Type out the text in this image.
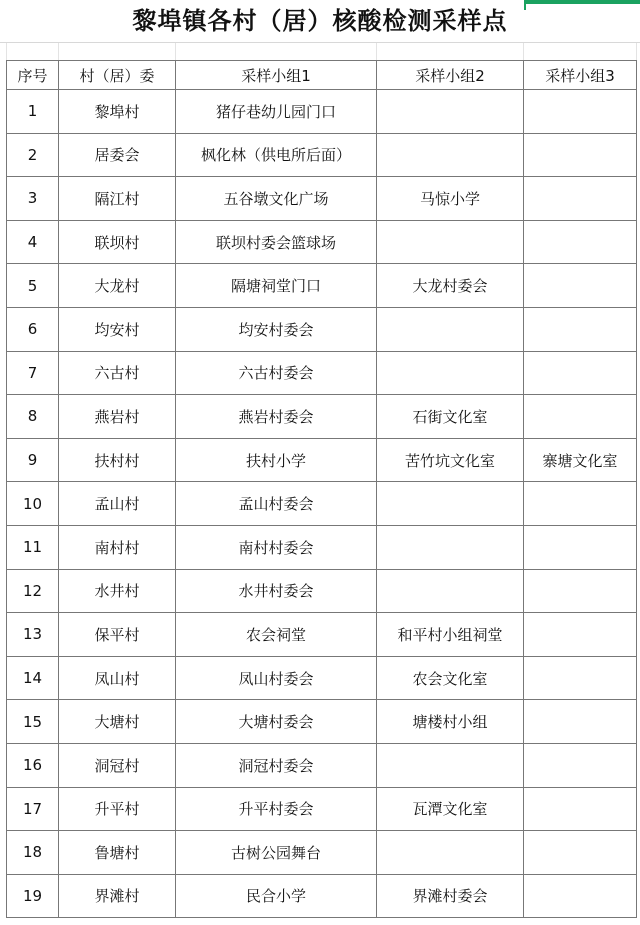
黎埠镇各村（居）核酸检测采样点
序号	村（居）委	采样小组1	采样小组2	采样小组3
1	黎埠村	猪仔巷幼儿园门口		
2	居委会	枫化林（供电所后面）		
3	隔江村	五谷墩文化广场	马惊小学	
4	联坝村	联坝村委会篮球场		
5	大龙村	隔塘祠堂门口	大龙村委会	
6	均安村	均安村委会		
7	六古村	六古村委会		
8	燕岩村	燕岩村委会	石街文化室	
9	扶村村	扶村小学	苦竹坑文化室	寨塘文化室
10	孟山村	孟山村委会		
11	南村村	南村村委会		
12	水井村	水井村委会		
13	保平村	农会祠堂	和平村小组祠堂	
14	凤山村	凤山村委会	农会文化室	
15	大塘村	大塘村委会	塘楼村小组	
16	洞冠村	洞冠村委会		
17	升平村	升平村委会	瓦潭文化室	
18	鲁塘村	古树公园舞台		
19	界滩村	民合小学	界滩村委会	
